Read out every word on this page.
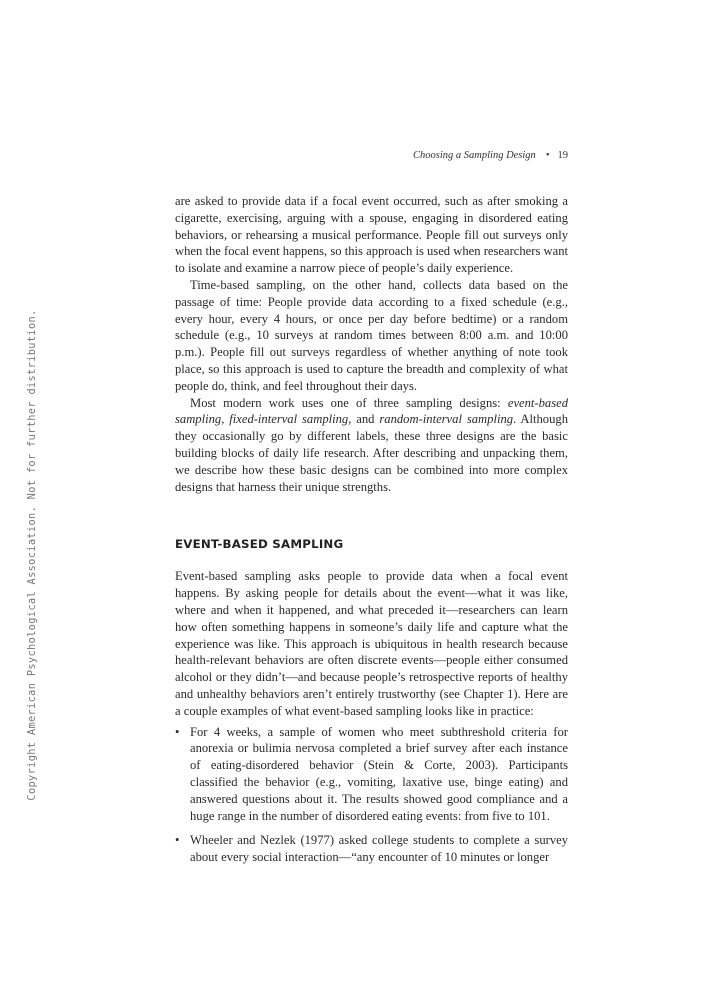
Choosing a Sampling Design • 19
Copyright American Psychological Association. Not for further distribution.

are asked to provide data if a focal event occurred, such as after smoking a cigarette, exercising, arguing with a spouse, engaging in disordered eating behaviors, or rehearsing a musical performance. People fill out surveys only when the focal event happens, so this approach is used when researchers want to isolate and examine a narrow piece of people’s daily experience.

Time-based sampling, on the other hand, collects data based on the passage of time: People provide data according to a fixed schedule (e.g., every hour, every 4 hours, or once per day before bedtime) or a random schedule (e.g., 10 surveys at random times between 8:00 a.m. and 10:00 p.m.). People fill out surveys regardless of whether anything of note took place, so this approach is used to capture the breadth and complexity of what people do, think, and feel throughout their days.

Most modern work uses one of three sampling designs: event-based sampling, fixed-interval sampling, and random-interval sampling. Although they occasionally go by different labels, these three designs are the basic building blocks of daily life research. After describing and unpacking them, we describe how these basic designs can be combined into more complex designs that harness their unique strengths.

EVENT-BASED SAMPLING

Event-based sampling asks people to provide data when a focal event happens. By asking people for details about the event—what it was like, where and when it happened, and what preceded it—researchers can learn how often something happens in someone’s daily life and capture what the experience was like. This approach is ubiquitous in health research because health-relevant behaviors are often discrete events—people either consumed alcohol or they didn’t—and because people’s retrospective reports of healthy and unhealthy behaviors aren’t entirely trustworthy (see Chapter 1). Here are a couple examples of what event-based sampling looks like in practice:

• For 4 weeks, a sample of women who meet subthreshold criteria for anorexia or bulimia nervosa completed a brief survey after each instance of eating-disordered behavior (Stein & Corte, 2003). Participants classified the behavior (e.g., vomiting, laxative use, binge eating) and answered questions about it. The results showed good compliance and a huge range in the number of disordered eating events: from five to 101.
• Wheeler and Nezlek (1977) asked college students to complete a survey about every social interaction—“any encounter of 10 minutes or longer
